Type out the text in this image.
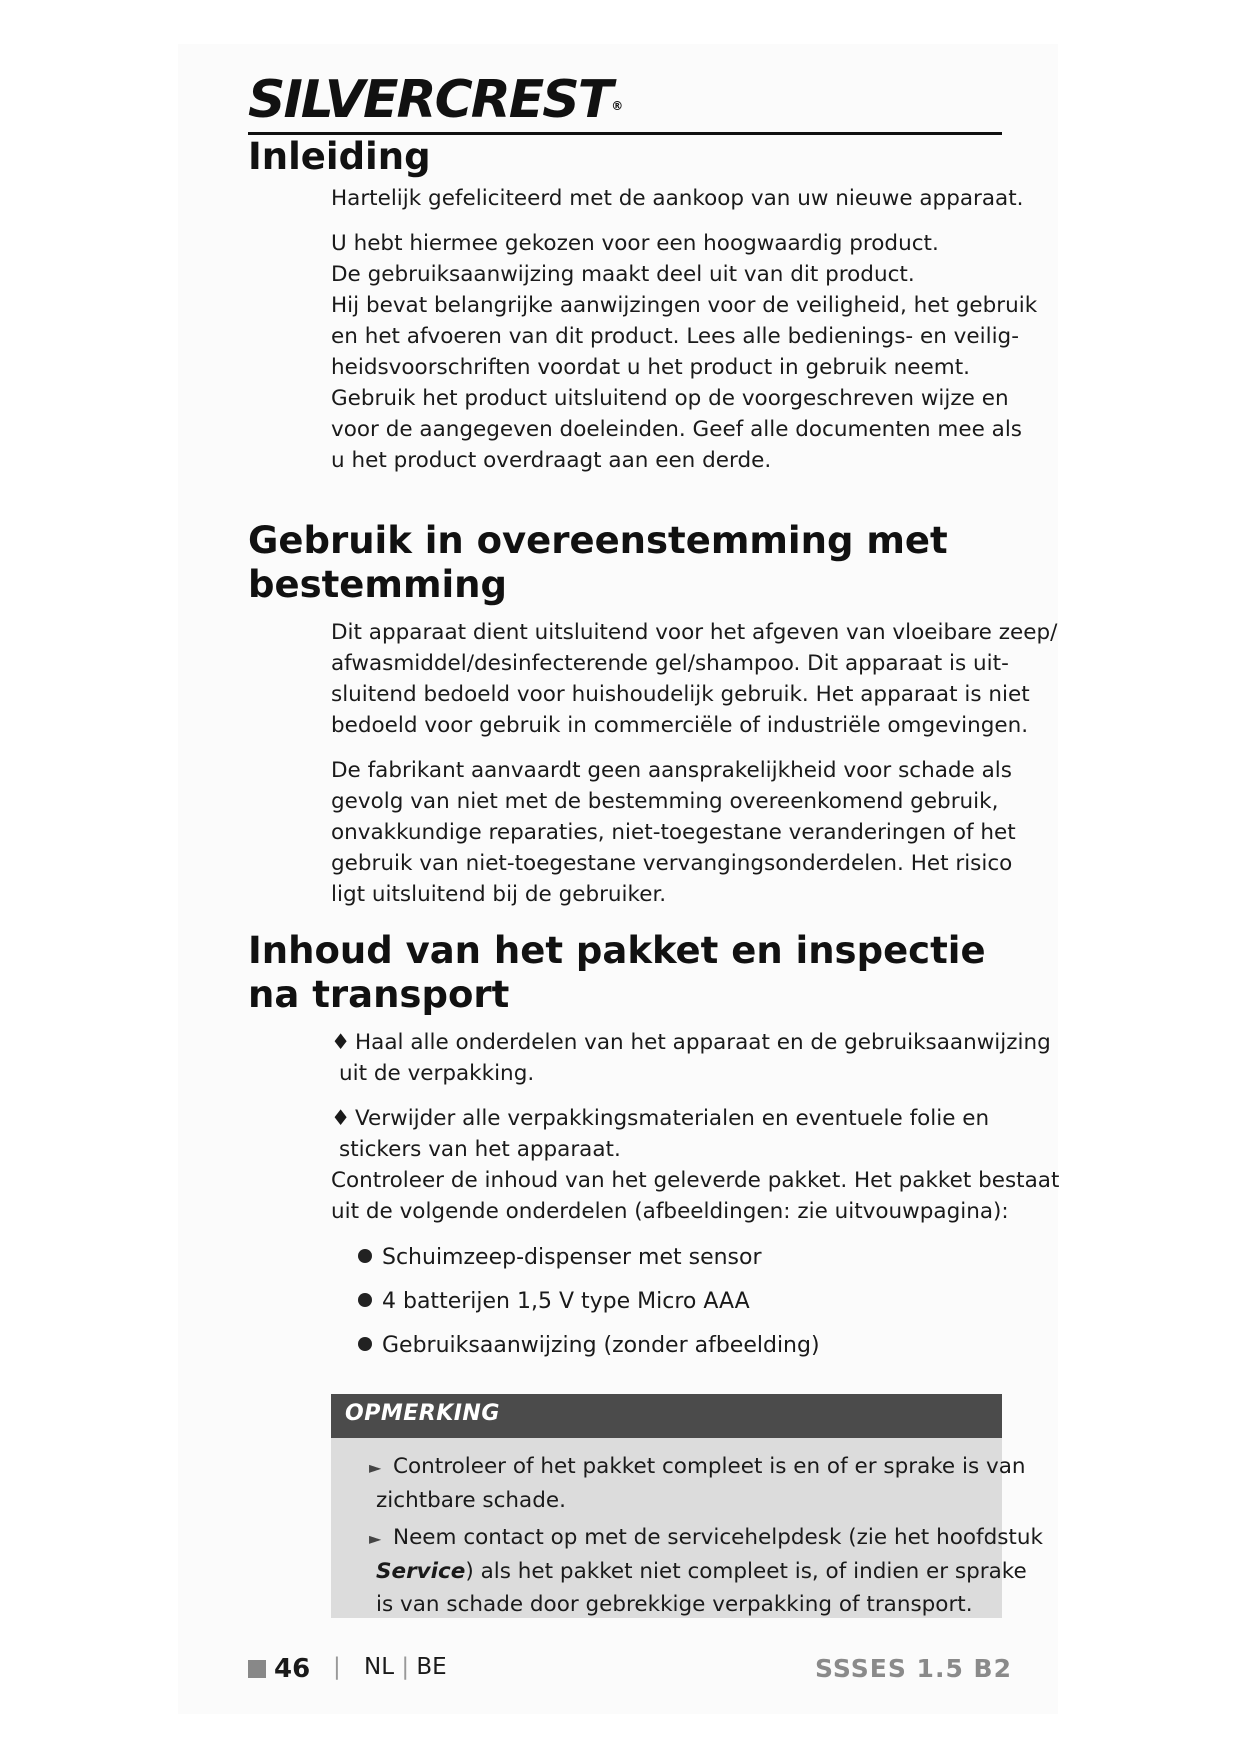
SILVERCREST®
Inleiding
Hartelijk gefeliciteerd met de aankoop van uw nieuwe apparaat.
U hebt hiermee gekozen voor een hoogwaardig product.
De gebruiksaanwijzing maakt deel uit van dit product.
Hij bevat belangrijke aanwijzingen voor de veiligheid, het gebruik
en het afvoeren van dit product. Lees alle bedienings- en veilig-
heidsvoorschriften voordat u het product in gebruik neemt.
Gebruik het product uitsluitend op de voorgeschreven wijze en
voor de aangegeven doeleinden. Geef alle documenten mee als
u het product overdraagt aan een derde.
Gebruik in overeenstemming met
bestemming
Dit apparaat dient uitsluitend voor het afgeven van vloeibare zeep/
afwasmiddel/desinfecterende gel/shampoo. Dit apparaat is uit-
sluitend bedoeld voor huishoudelijk gebruik. Het apparaat is niet
bedoeld voor gebruik in commerciële of industriële omgevingen.
De fabrikant aanvaardt geen aansprakelijkheid voor schade als
gevolg van niet met de bestemming overeenkomend gebruik,
onvakkundige reparaties, niet-toegestane veranderingen of het
gebruik van niet-toegestane vervangingsonderdelen. Het risico
ligt uitsluitend bij de gebruiker.
Inhoud van het pakket en inspectie
na transport
♦ Haal alle onderdelen van het apparaat en de gebruiksaanwijzing
uit de verpakking.
♦ Verwijder alle verpakkingsmaterialen en eventuele folie en
stickers van het apparaat.
Controleer de inhoud van het geleverde pakket. Het pakket bestaat
uit de volgende onderdelen (afbeeldingen: zie uitvouwpagina):
Schuimzeep-dispenser met sensor
4 batterijen 1,5 V type Micro AAA
Gebruiksaanwijzing (zonder afbeelding)
OPMERKING
► Controleer of het pakket compleet is en of er sprake is van
zichtbare schade.
► Neem contact op met de servicehelpdesk (zie het hoofdstuk
Service) als het pakket niet compleet is, of indien er sprake
is van schade door gebrekkige verpakking of transport.
46 | NL | BE	SSSES 1.5 B2
